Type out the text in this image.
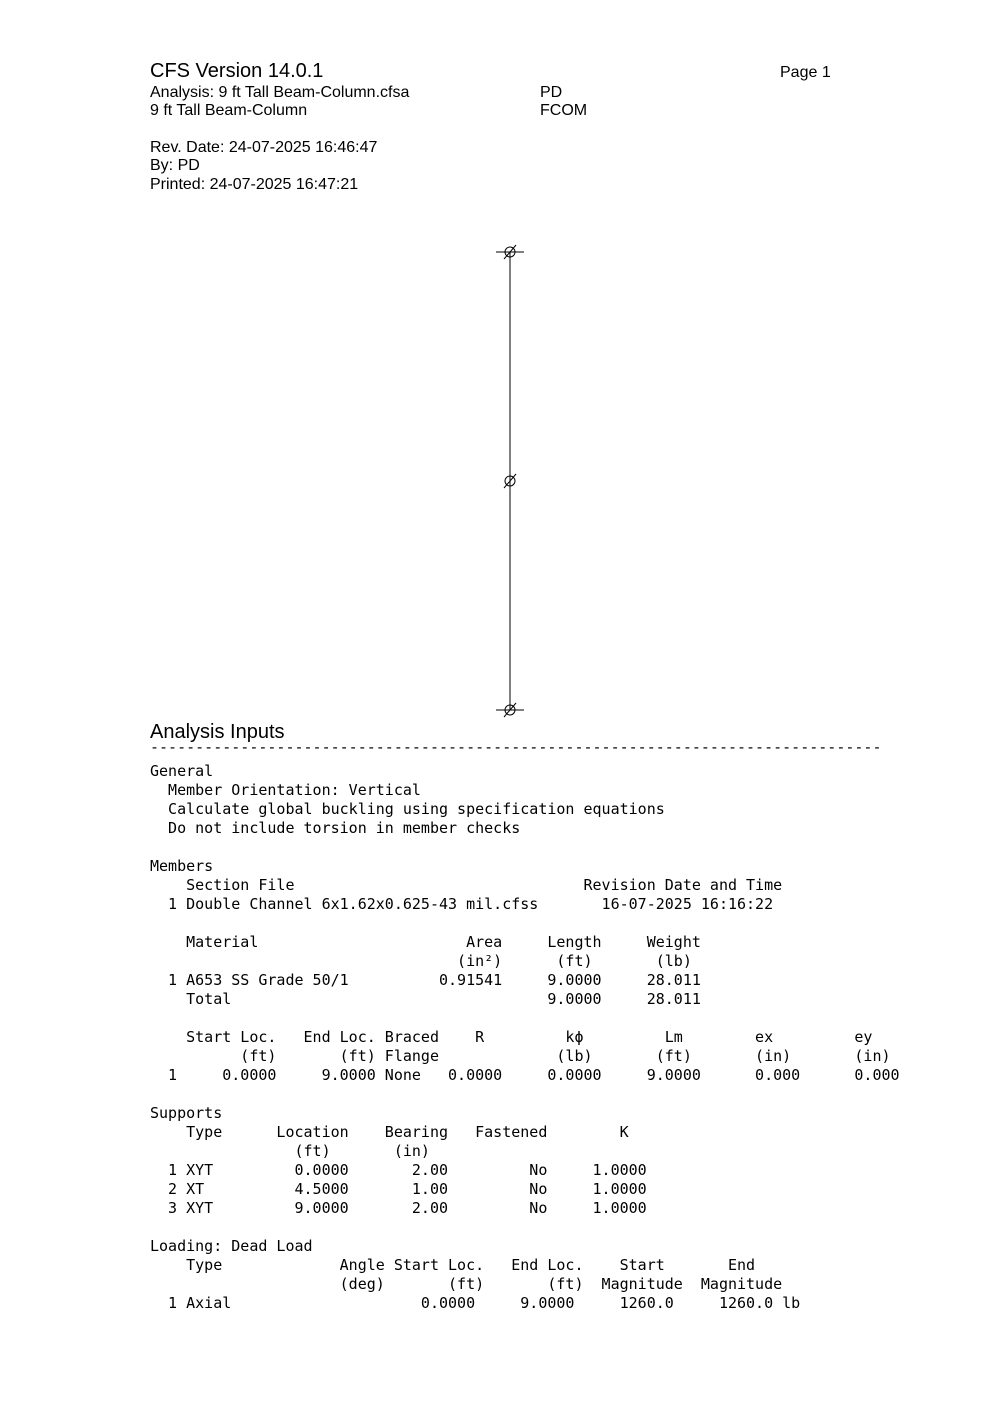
CFS Version 14.0.1	Page 1
Analysis: 9 ft Tall Beam-Column.cfsa	PD
9 ft Tall Beam-Column	FCOM
Rev. Date: 24-07-2025 16:46:47
By: PD
Printed: 24-07-2025 16:47:21
Analysis Inputs
---------------------------------------------------------------------------------
General
Member Orientation: Vertical
Calculate global buckling using specification equations
Do not include torsion in member checks
Members
Section File                                Revision Date and Time
1 Double Channel 6x1.62x0.625-43 mil.cfss       16-07-2025 16:16:22
Material                       Area     Length     Weight
(in²)      (ft)       (lb)
1 A653 SS Grade 50/1          0.91541     9.0000     28.011
Total                                   9.0000     28.011
Start Loc.   End Loc. Braced    R         kϕ         Lm        ex         ey
(ft)       (ft) Flange             (lb)       (ft)       (in)       (in)
1     0.0000     9.0000 None   0.0000     0.0000     9.0000      0.000      0.000
Supports
Type      Location    Bearing   Fastened        K
(ft)       (in)
1 XYT         0.0000       2.00         No     1.0000
2 XT          4.5000       1.00         No     1.0000
3 XYT         9.0000       2.00         No     1.0000
Loading: Dead Load
Type             Angle Start Loc.   End Loc.    Start       End
(deg)       (ft)       (ft)  Magnitude  Magnitude
1 Axial                     0.0000     9.0000     1260.0     1260.0 lb
